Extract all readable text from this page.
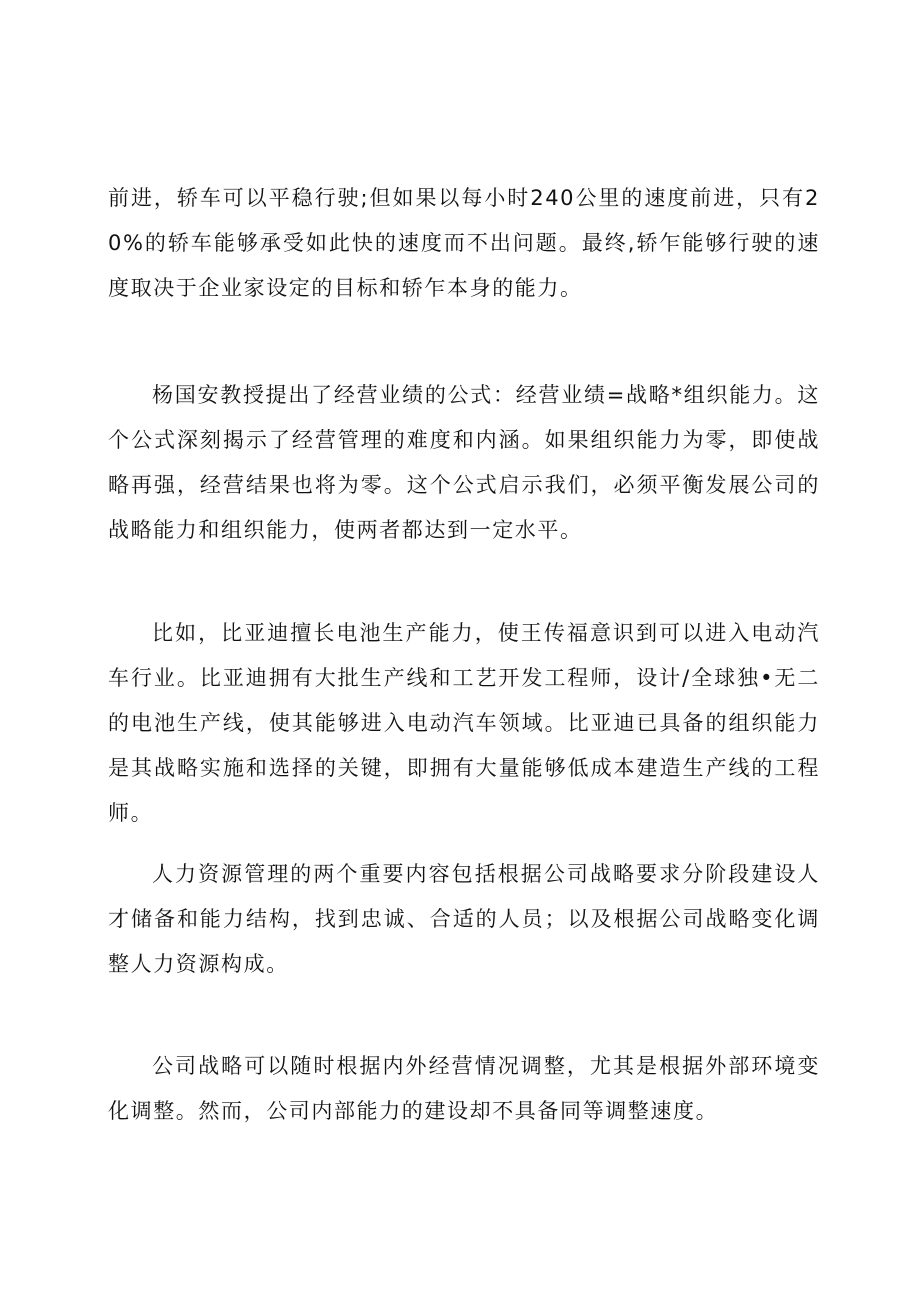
前进，轿车可以平稳行驶;但如果以每小时240公里的速度前进，只有20%的轿车能够承受如此快的速度而不出问题。最终,轿乍能够行驶的速度取决于企业家设定的目标和轿乍本身的能力。

杨国安教授提出了经营业绩的公式：经营业绩=战略*组织能力。这个公式深刻揭示了经营管理的难度和内涵。如果组织能力为零，即使战略再强，经营结果也将为零。这个公式启示我们，必须平衡发展公司的战略能力和组织能力，使两者都达到一定水平。

比如，比亚迪擅长电池生产能力，使王传福意识到可以进入电动汽车行业。比亚迪拥有大批生产线和工艺开发工程师，设计/全球独•无二的电池生产线，使其能够进入电动汽车领域。比亚迪已具备的组织能力是其战略实施和选择的关键，即拥有大量能够低成本建造生产线的工程师。

人力资源管理的两个重要内容包括根据公司战略要求分阶段建设人才储备和能力结构，找到忠诚、合适的人员；以及根据公司战略变化调整人力资源构成。

公司战略可以随时根据内外经营情况调整，尤其是根据外部环境变化调整。然而，公司内部能力的建设却不具备同等调整速度。
